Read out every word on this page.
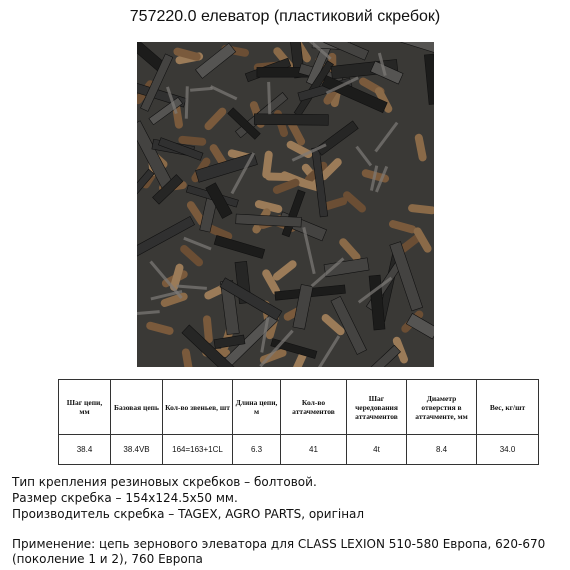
757220.0 елеватор (пластиковий скребок)
Шаг цепи, мм	Базовая цепь	Кол-во звеньев, шт	Длина цепи, м	Кол-во аттачментов	Шаг чередования аттачментов	Диаметр отверстия в аттачменте, мм	Вес, кг/шт
38.4	38.4VB	164=163+1CL	6.3	41	4t	8.4	34.0

Тип крепления резиновых скребков – болтовой.

Размер скребка – 154x124.5x50 мм.

Производитель скребка – TAGEX, AGRO PARTS, оригінал

Применение: цепь зернового элеватора для CLASS LEXION 510-580 Европа, 620-670 (поколение 1 и 2), 760 Европа
